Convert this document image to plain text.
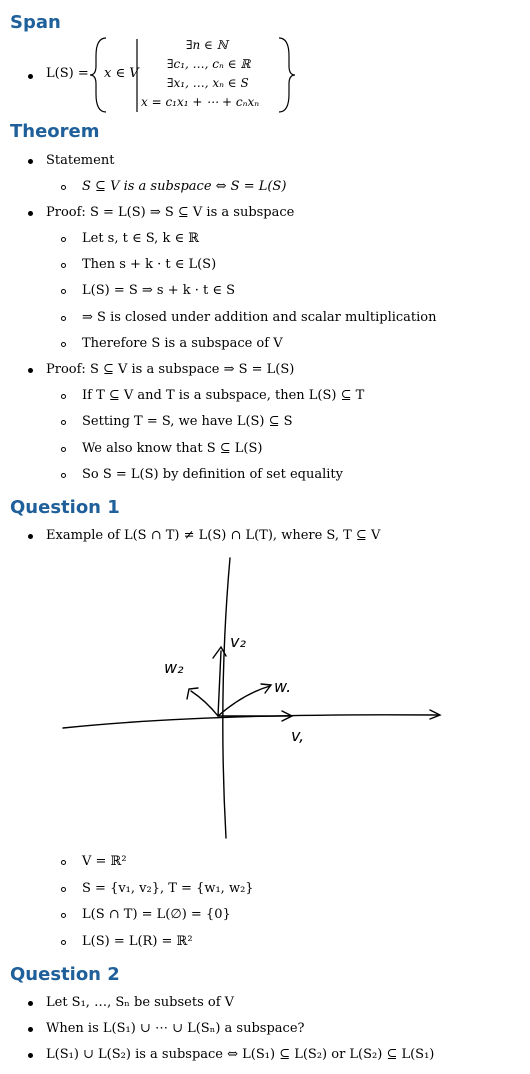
Span
L(S) = x ∈ V
∃n ∈ ℕ
∃c₁, …, cₙ ∈ ℝ
∃x₁, …, xₙ ∈ S
x = c₁x₁ + ⋯ + cₙxₙ
Theorem
Statement
S ⊆ V is a subspace ⇔ S = L(S)
Proof: S = L(S) ⇒ S ⊆ V is a subspace
Let s, t ∈ S, k ∈ ℝ
Then s + k · t ∈ L(S)
L(S) = S ⇒ s + k · t ∈ S
⇒ S is closed under addition and scalar multiplication
Therefore S is a subspace of V
Proof: S ⊆ V is a subspace ⇒ S = L(S)
If T ⊆ V and T is a subspace, then L(S) ⊆ T
Setting T = S, we have L(S) ⊆ S
We also know that S ⊆ L(S)
So S = L(S) by definition of set equality
Question 1
Example of L(S ∩ T) ≠ L(S) ∩ L(T), where S, T ⊆ V
v₂
w₂
w.
v,
V = ℝ²
S = {v₁, v₂}, T = {w₁, w₂}
L(S ∩ T) = L(∅) = {0}
L(S) = L(R) = ℝ²
Question 2
Let S₁, …, Sₙ be subsets of V
When is L(S₁) ∪ ⋯ ∪ L(Sₙ) a subspace?
L(S₁) ∪ L(S₂) is a subspace ⇔ L(S₁) ⊆ L(S₂) or L(S₂) ⊆ L(S₁)
